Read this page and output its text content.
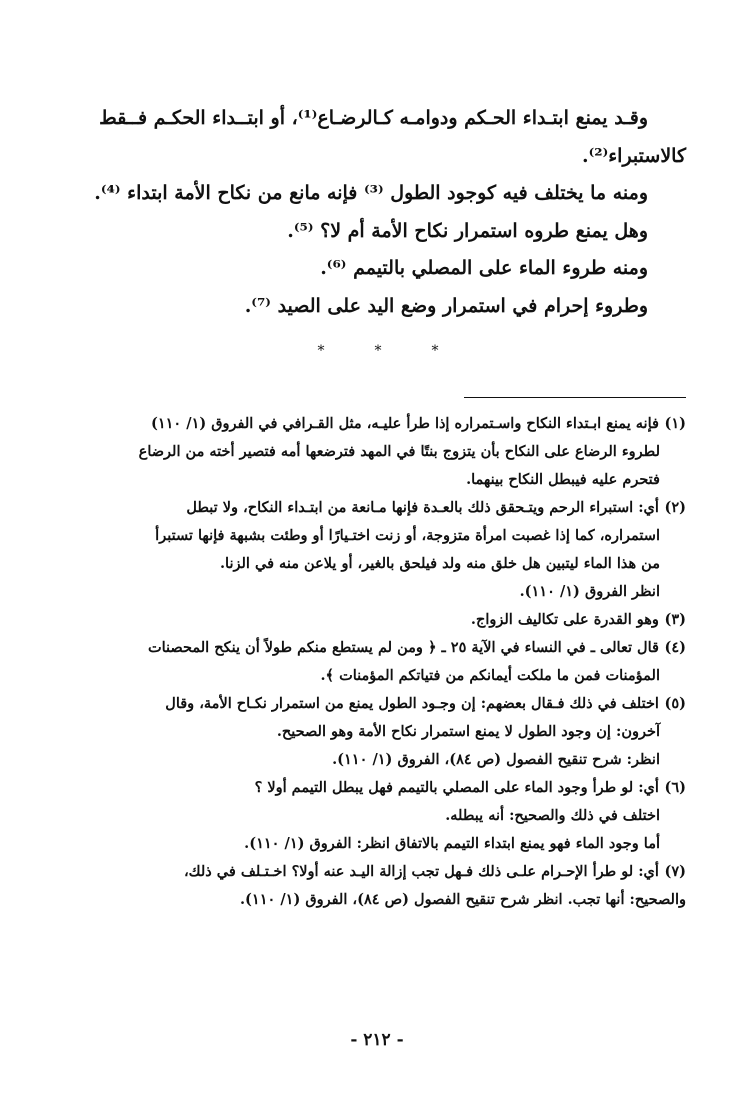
وقـد يمنع ابتـداء الحـكم ودوامـه كـالرضـاع⁽¹⁾، أو ابتــداء الحكـم فــقط

كالاستبراء⁽²⁾.

ومنه ما يختلف فيه كوجود الطول ⁽³⁾ فإنه مانع من نكاح الأمة ابتداء ⁽⁴⁾.

وهل يمنع طروه استمرار نكاح الأمة أم لا؟ ⁽⁵⁾.

ومنه طروء الماء على المصلي بالتيمم ⁽⁶⁾.

وطروء إحرام في استمرار وضع اليد على الصيد ⁽⁷⁾.

*	*	*
(١) فإنه يمنع ابـتداء النكاح واسـتمراره إذا طرأ عليـه، مثل القـرافي في الفروق (١/ ١١٠)
لطروء الرضاع على النكاح بأن يتزوج بنتًا في المهد فترضعها أمه فتصير أخته من الرضاع
فتحرم عليه فيبطل النكاح بينهما.
(٢) أي: استبراء الرحم ويتـحقق ذلك بالعـدة فإنها مـانعة من ابتـداء النكاح، ولا تبطل
استمراره، كما إذا غصبت امرأة متزوجة، أو زنت اختـيارًا أو وطئت بشبهة فإنها تستبرأ
من هذا الماء ليتبين هل خلق منه ولد فيلحق بالغير، أو يلاعن منه في الزنا.
انظر الفروق (١/ ١١٠).
(٣) وهو القدرة على تكاليف الزواج.
(٤) قال تعالى ـ في النساء في الآية ٢٥ ـ ﴿ ومن لم يستطع منكم طولاً أن ينكح المحصنات
المؤمنات فمن ما ملكت أيمانكم من فتياتكم المؤمنات ﴾.
(٥) اختلف في ذلك فـقال بعضهم: إن وجـود الطول يمنع من استمرار نكـاح الأمة، وقال
آخرون: إن وجود الطول لا يمنع استمرار نكاح الأمة وهو الصحيح.
انظر: شرح تنقيح الفصول (ص ٨٤)، الفروق (١/ ١١٠).
(٦) أي: لو طرأ وجود الماء على المصلي بالتيمم فهل يبطل التيمم أولا ؟
اختلف في ذلك والصحيح: أنه يبطله.
أما وجود الماء فهو يمنع ابتداء التيمم بالاتفاق انظر: الفروق (١/ ١١٠).
(٧) أي: لو طرأ الإحـرام علـى ذلك فـهل تجب إزالة اليـد عنه أولا؟ اخـتـلف في ذلك،
والصحيح: أنها تجب. انظر شرح تنقيح الفصول (ص ٨٤)، الفروق (١/ ١١٠).
- ٢١٢ -
